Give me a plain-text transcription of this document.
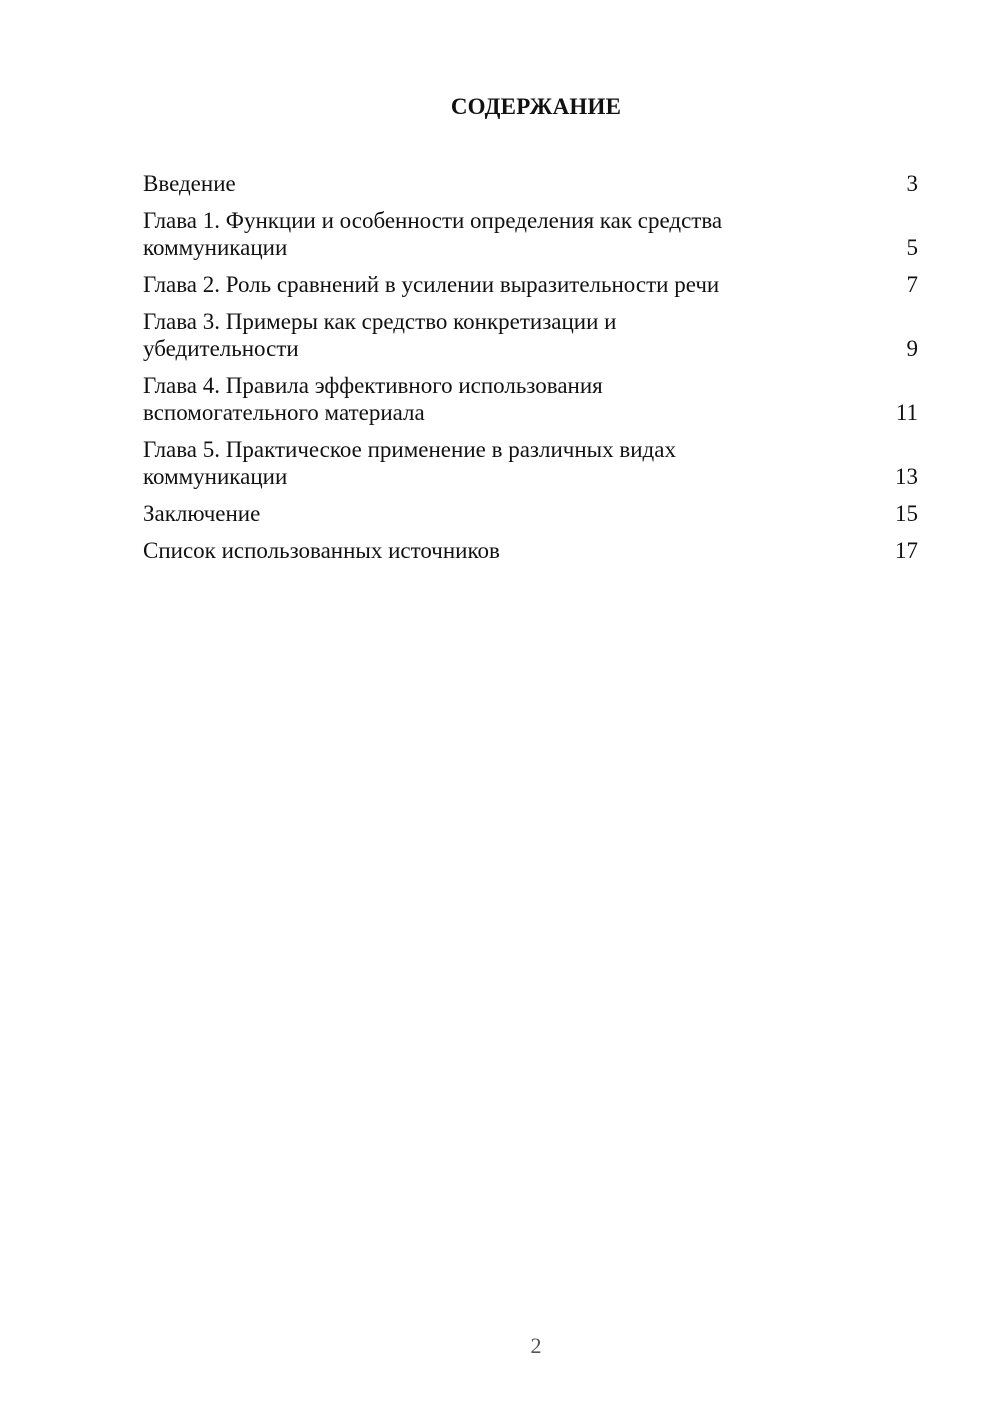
СОДЕРЖАНИЕ
Введение	3
Глава 1. Функции и особенности определения как средства
коммуникации	5
Глава 2. Роль сравнений в усилении выразительности речи	7
Глава 3. Примеры как средство конкретизации и
убедительности	9
Глава 4. Правила эффективного использования
вспомогательного материала	11
Глава 5. Практическое применение в различных видах
коммуникации	13
Заключение	15
Список использованных источников	17
2
